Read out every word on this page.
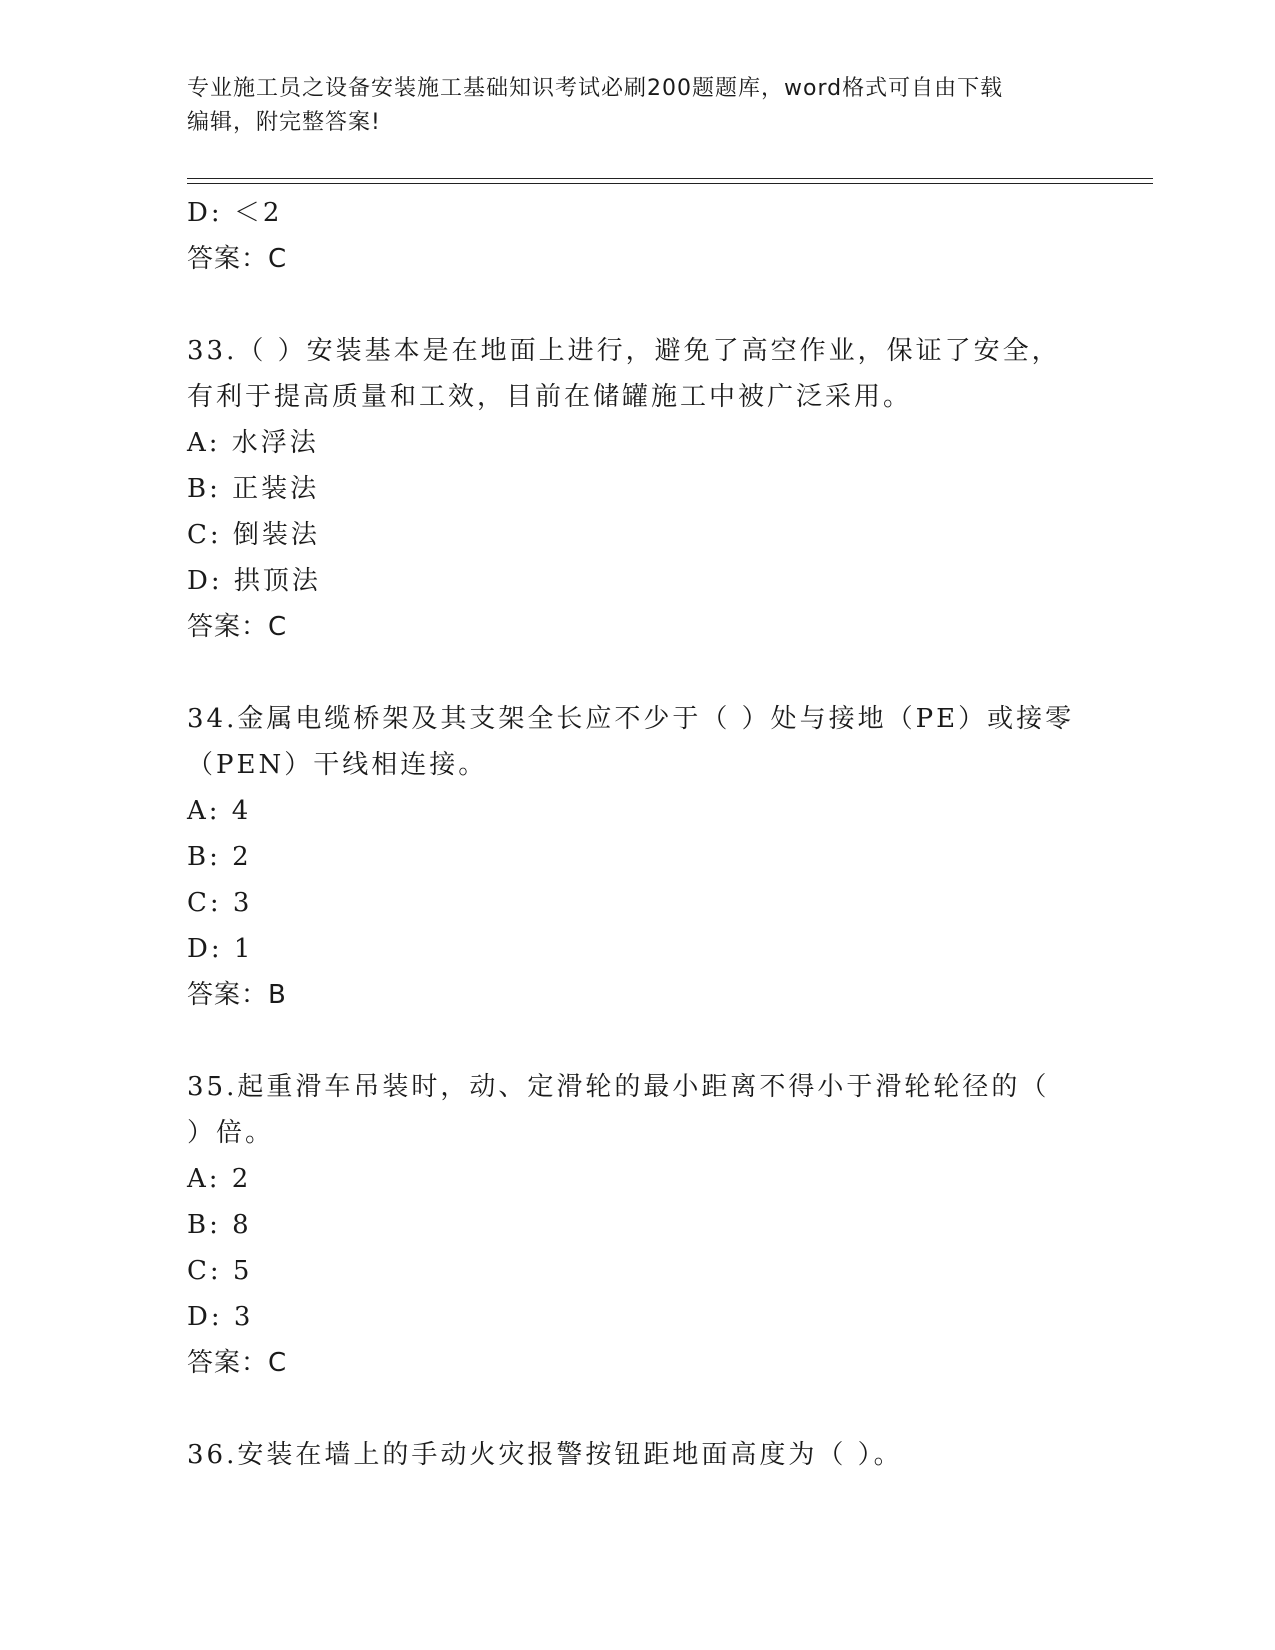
专业施工员之设备安装施工基础知识考试必刷200题题库，word格式可自由下载
编辑，附完整答案!
D: ＜2
答案：C
33.（ ）安装基本是在地面上进行，避免了高空作业，保证了安全，
有利于提高质量和工效，目前在储罐施工中被广泛采用。
A: 水浮法
B: 正装法
C: 倒装法
D: 拱顶法
答案：C
34.金属电缆桥架及其支架全长应不少于（ ）处与接地（PE）或接零
（PEN）干线相连接。
A: 4
B: 2
C: 3
D: 1
答案：B
35.起重滑车吊装时，动、定滑轮的最小距离不得小于滑轮轮径的（
）倍。
A: 2
B: 8
C: 5
D: 3
答案：C
36.安装在墙上的手动火灾报警按钮距地面高度为（ ）。
